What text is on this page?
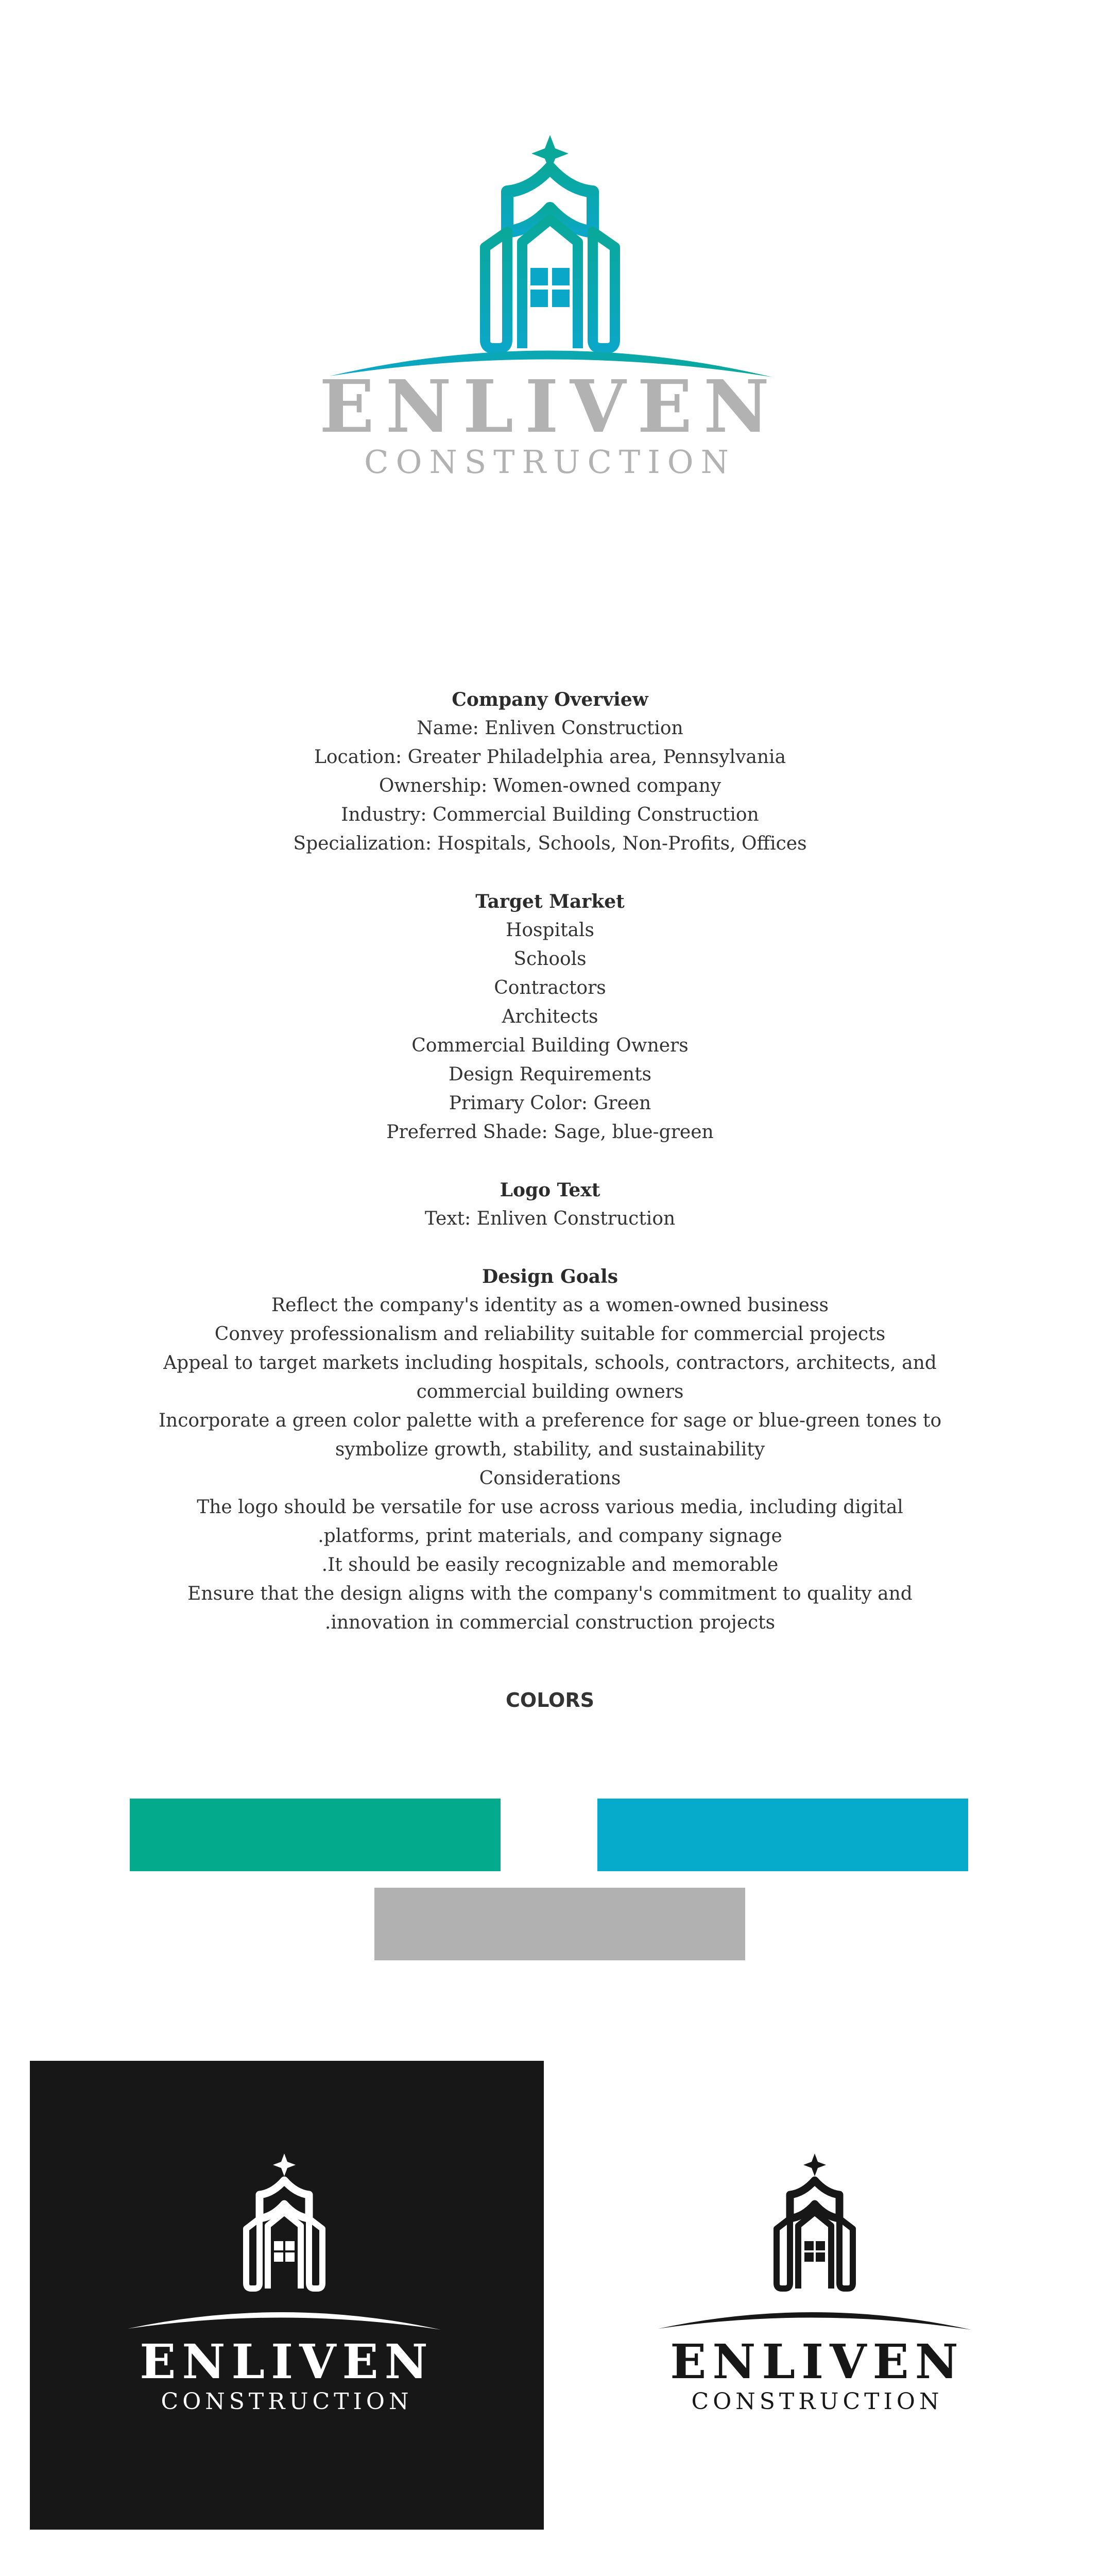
ENLIVEN
CONSTRUCTION
Company Overview
Name: Enliven Construction
Location: Greater Philadelphia area, Pennsylvania
Ownership: Women-owned company
Industry: Commercial Building Construction
Specialization: Hospitals, Schools, Non-Profits, Offices
Target Market
Hospitals
Schools
Contractors
Architects
Commercial Building Owners
Design Requirements
Primary Color: Green
Preferred Shade: Sage, blue-green
Logo Text
Text: Enliven Construction
Design Goals
Reflect the company's identity as a women-owned business
Convey professionalism and reliability suitable for commercial projects
Appeal to target markets including hospitals, schools, contractors, architects, and
commercial building owners
Incorporate a green color palette with a preference for sage or blue-green tones to
symbolize growth, stability, and sustainability
Considerations
The logo should be versatile for use across various media, including digital
.platforms, print materials, and company signage
.It should be easily recognizable and memorable
Ensure that the design aligns with the company's commitment to quality and
.innovation in commercial construction projects
COLORS
ENLIVEN
CONSTRUCTION
ENLIVEN
CONSTRUCTION
